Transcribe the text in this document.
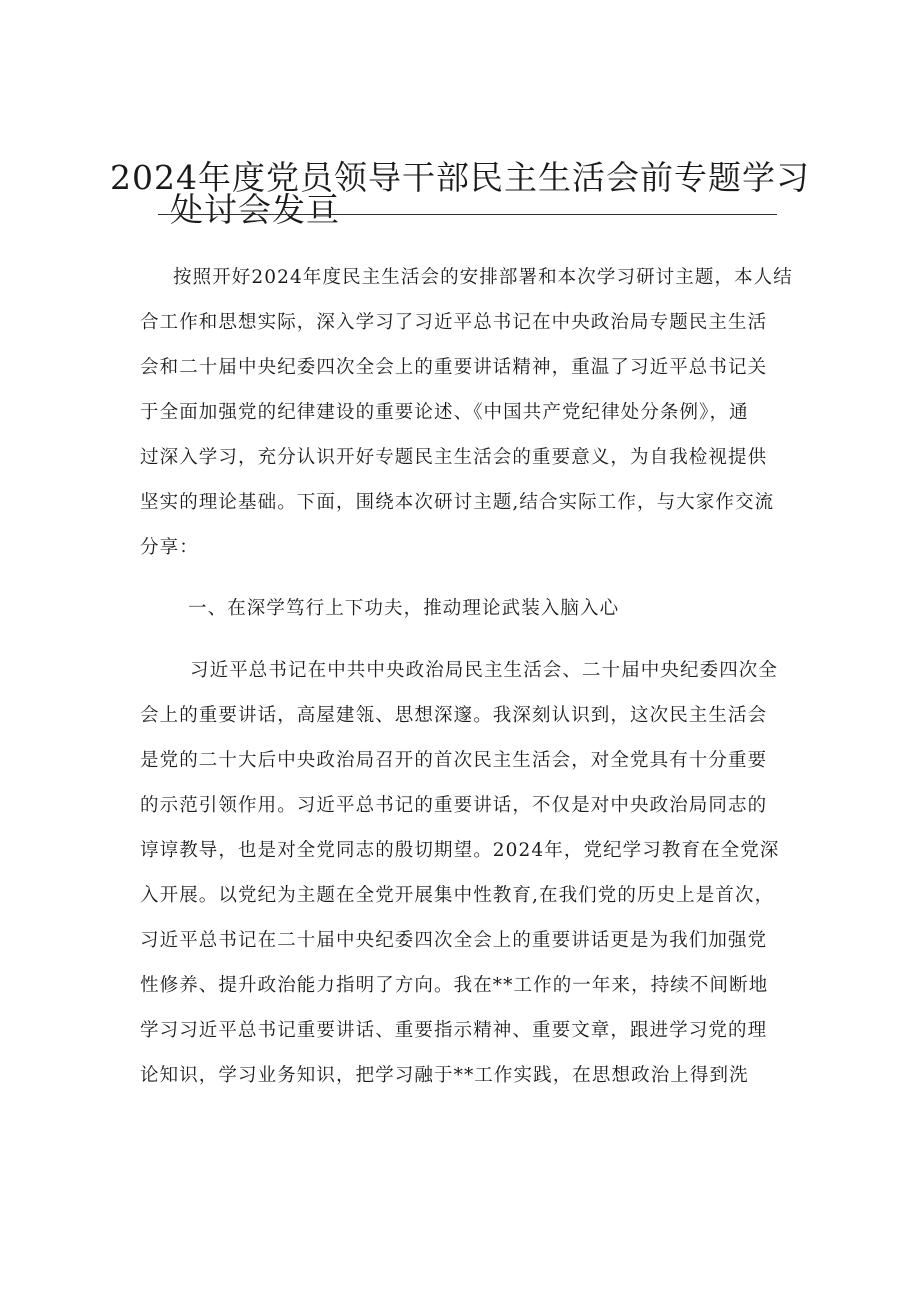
2024年度党员领导干部民主生活会前专题学习
处讨会发亘
按照开好2024年度民主生活会的安排部署和本次学习研讨主题，本人结
合工作和思想实际，深入学习了习近平总书记在中央政治局专题民主生活
会和二十届中央纪委四次全会上的重要讲话精神，重温了习近平总书记关
于全面加强党的纪律建设的重要论述、《中国共产党纪律处分条例》，通
过深入学习，充分认识开好专题民主生活会的重要意义，为自我检视提供
坚实的理论基础。下面，围绕本次研讨主题,结合实际工作，与大家作交流
分享：
一、在深学笃行上下功夫，推动理论武装入脑入心
习近平总书记在中共中央政治局民主生活会、二十届中央纪委四次全
会上的重要讲话，高屋建瓴、思想深邃。我深刻认识到，这次民主生活会
是党的二十大后中央政治局召开的首次民主生活会，对全党具有十分重要
的示范引领作用。习近平总书记的重要讲话，不仅是对中央政治局同志的
谆谆教导，也是对全党同志的殷切期望。2024年，党纪学习教育在全党深
入开展。以党纪为主题在全党开展集中性教育,在我们党的历史上是首次，
习近平总书记在二十届中央纪委四次全会上的重要讲话更是为我们加强党
性修养、提升政治能力指明了方向。我在**工作的一年来，持续不间断地
学习习近平总书记重要讲话、重要指示精神、重要文章，跟进学习党的理
论知识，学习业务知识，把学习融于**工作实践，在思想政治上得到洗
